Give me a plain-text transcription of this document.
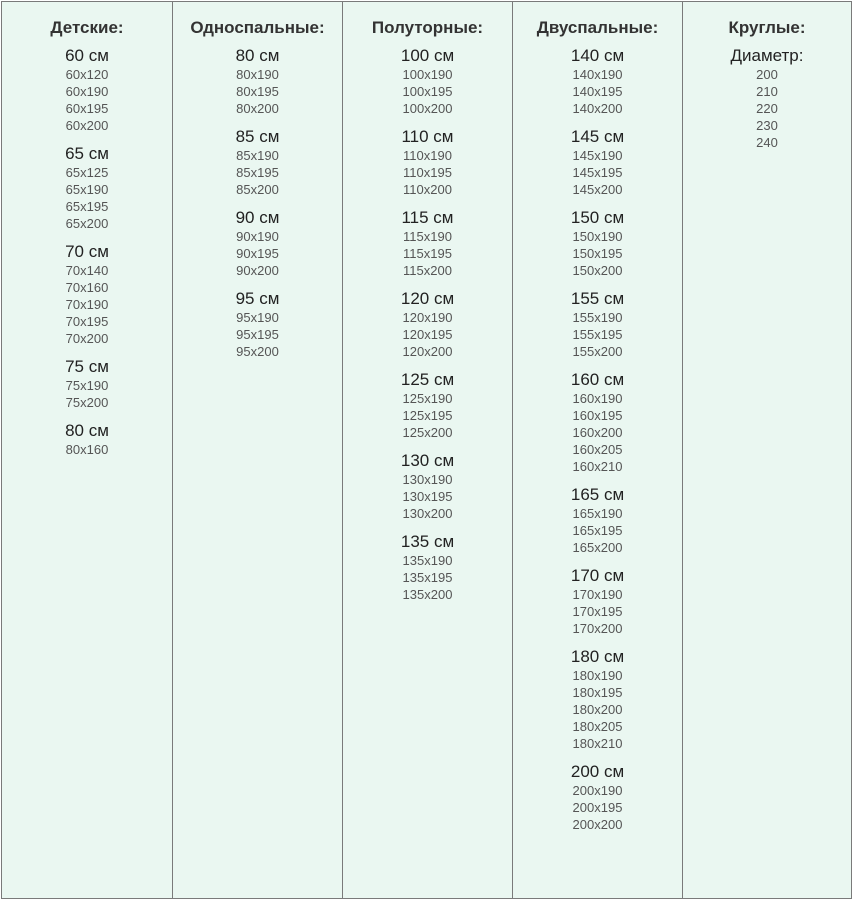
Детские:
60 см
60x120
60x190
60x195
60x200
65 см
65x125
65x190
65x195
65x200
70 см
70x140
70x160
70x190
70x195
70x200
75 см
75x190
75x200
80 см
80x160
Односпальные:
80 см
80x190
80x195
80x200
85 см
85x190
85x195
85x200
90 см
90x190
90x195
90x200
95 см
95x190
95x195
95x200
Полуторные:
100 см
100x190
100x195
100x200
110 см
110x190
110x195
110x200
115 см
115x190
115x195
115x200
120 см
120x190
120x195
120x200
125 см
125x190
125x195
125x200
130 см
130x190
130x195
130x200
135 см
135x190
135x195
135x200
Двуспальные:
140 см
140x190
140x195
140x200
145 см
145x190
145x195
145x200
150 см
150x190
150x195
150x200
155 см
155x190
155x195
155x200
160 см
160x190
160x195
160x200
160x205
160x210
165 см
165x190
165x195
165x200
170 см
170x190
170x195
170x200
180 см
180x190
180x195
180x200
180x205
180x210
200 см
200x190
200x195
200x200
Круглые:
Диаметр:
200
210
220
230
240
